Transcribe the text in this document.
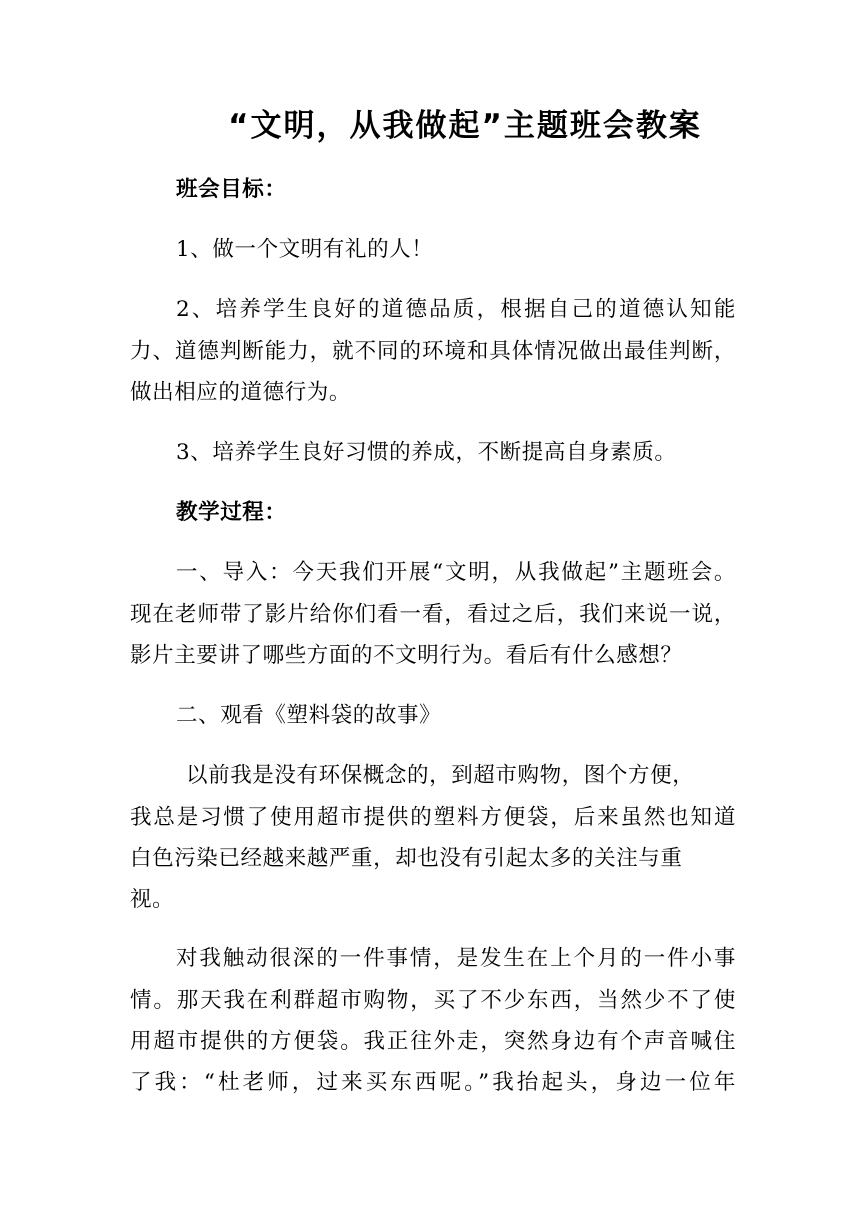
“文明，从我做起”主题班会教案
班会目标：
1、做一个文明有礼的人！
2、培养学生良好的道德品质，根据自己的道德认知能
力、道德判断能力，就不同的环境和具体情况做出最佳判断，
做出相应的道德行为。
3、培养学生良好习惯的养成，不断提高自身素质。
教学过程：
一、导入：今天我们开展“文明，从我做起”主题班会。
现在老师带了影片给你们看一看，看过之后，我们来说一说，
影片主要讲了哪些方面的不文明行为。看后有什么感想？
二、观看《塑料袋的故事》
以前我是没有环保概念的，到超市购物，图个方便，
我总是习惯了使用超市提供的塑料方便袋，后来虽然也知道
白色污染已经越来越严重，却也没有引起太多的关注与重
视。
对我触动很深的一件事情，是发生在上个月的一件小事
情。那天我在利群超市购物，买了不少东西，当然少不了使
用超市提供的方便袋。我正往外走，突然身边有个声音喊住
了我：“杜老师，过来买东西呢。”我抬起头，身边一位年
